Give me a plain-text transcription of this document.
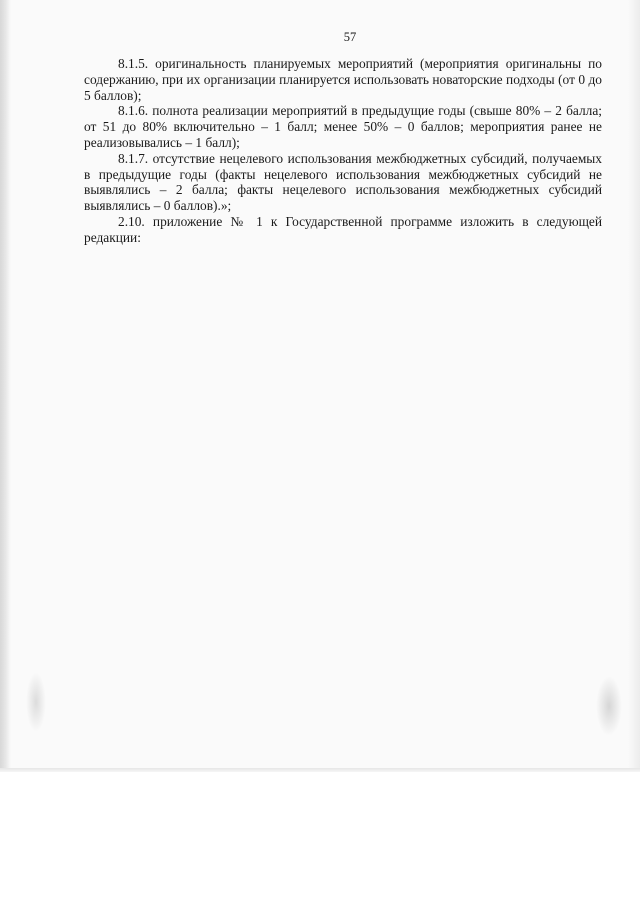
57

8.1.5. оригинальность планируемых мероприятий (мероприятия оригинальны по содержанию, при их организации планируется использовать новаторские подходы (от 0 до 5 баллов);

8.1.6. полнота реализации мероприятий в предыдущие годы (свыше 80% – 2 балла; от 51 до 80% включительно – 1 балл; менее 50% – 0 баллов; мероприятия ранее не реализовывались – 1 балл);

8.1.7. отсутствие нецелевого использования межбюджетных субсидий, получаемых в предыдущие годы (факты нецелевого использования межбюджетных субсидий не выявлялись – 2 балла; факты нецелевого использования межбюджетных субсидий выявлялись – 0 баллов).»;

2.10. приложение № 1 к Государственной программе изложить в следующей редакции:
